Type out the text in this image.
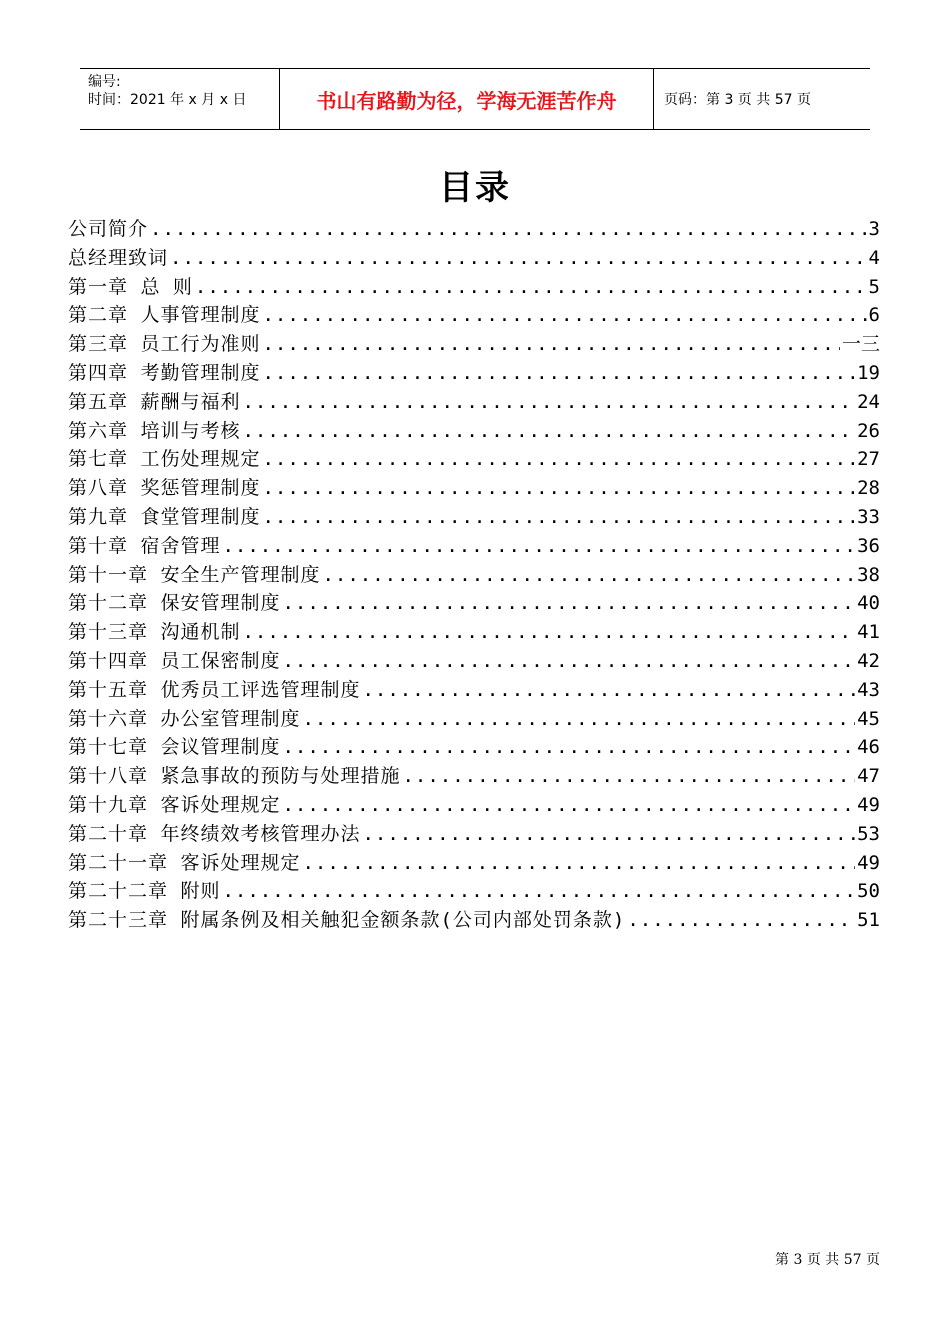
编号:
时间：2021 年 x 月 x 日	书山有路勤为径，学海无涯苦作舟	页码：第 3 页 共 57 页
目录
公司简介 .....	3
总经理致词 .....	4
第一章 总 则 .....	5
第二章 人事管理制度 .....	6
第三章 员工行为准则 .....	一三
第四章 考勤管理制度 .....	19
第五章 薪酬与福利 .....	24
第六章 培训与考核 .....	26
第七章 工伤处理规定 .....	27
第八章 奖惩管理制度 .....	28
第九章 食堂管理制度 .....	33
第十章 宿舍管理 .....	36
第十一章 安全生产管理制度 .....	38
第十二章 保安管理制度 .....	40
第十三章 沟通机制 .....	41
第十四章 员工保密制度 .....	42
第十五章 优秀员工评选管理制度 .....	43
第十六章 办公室管理制度 .....	45
第十七章 会议管理制度 .....	46
第十八章 紧急事故的预防与处理措施 .....	47
第十九章 客诉处理规定 .....	49
第二十章 年终绩效考核管理办法 .....	53
第二十一章 客诉处理规定 .....	49
第二十二章 附则 .....	50
第二十三章 附属条例及相关触犯金额条款(公司内部处罚条款) .....	51
第 3 页 共 57 页
